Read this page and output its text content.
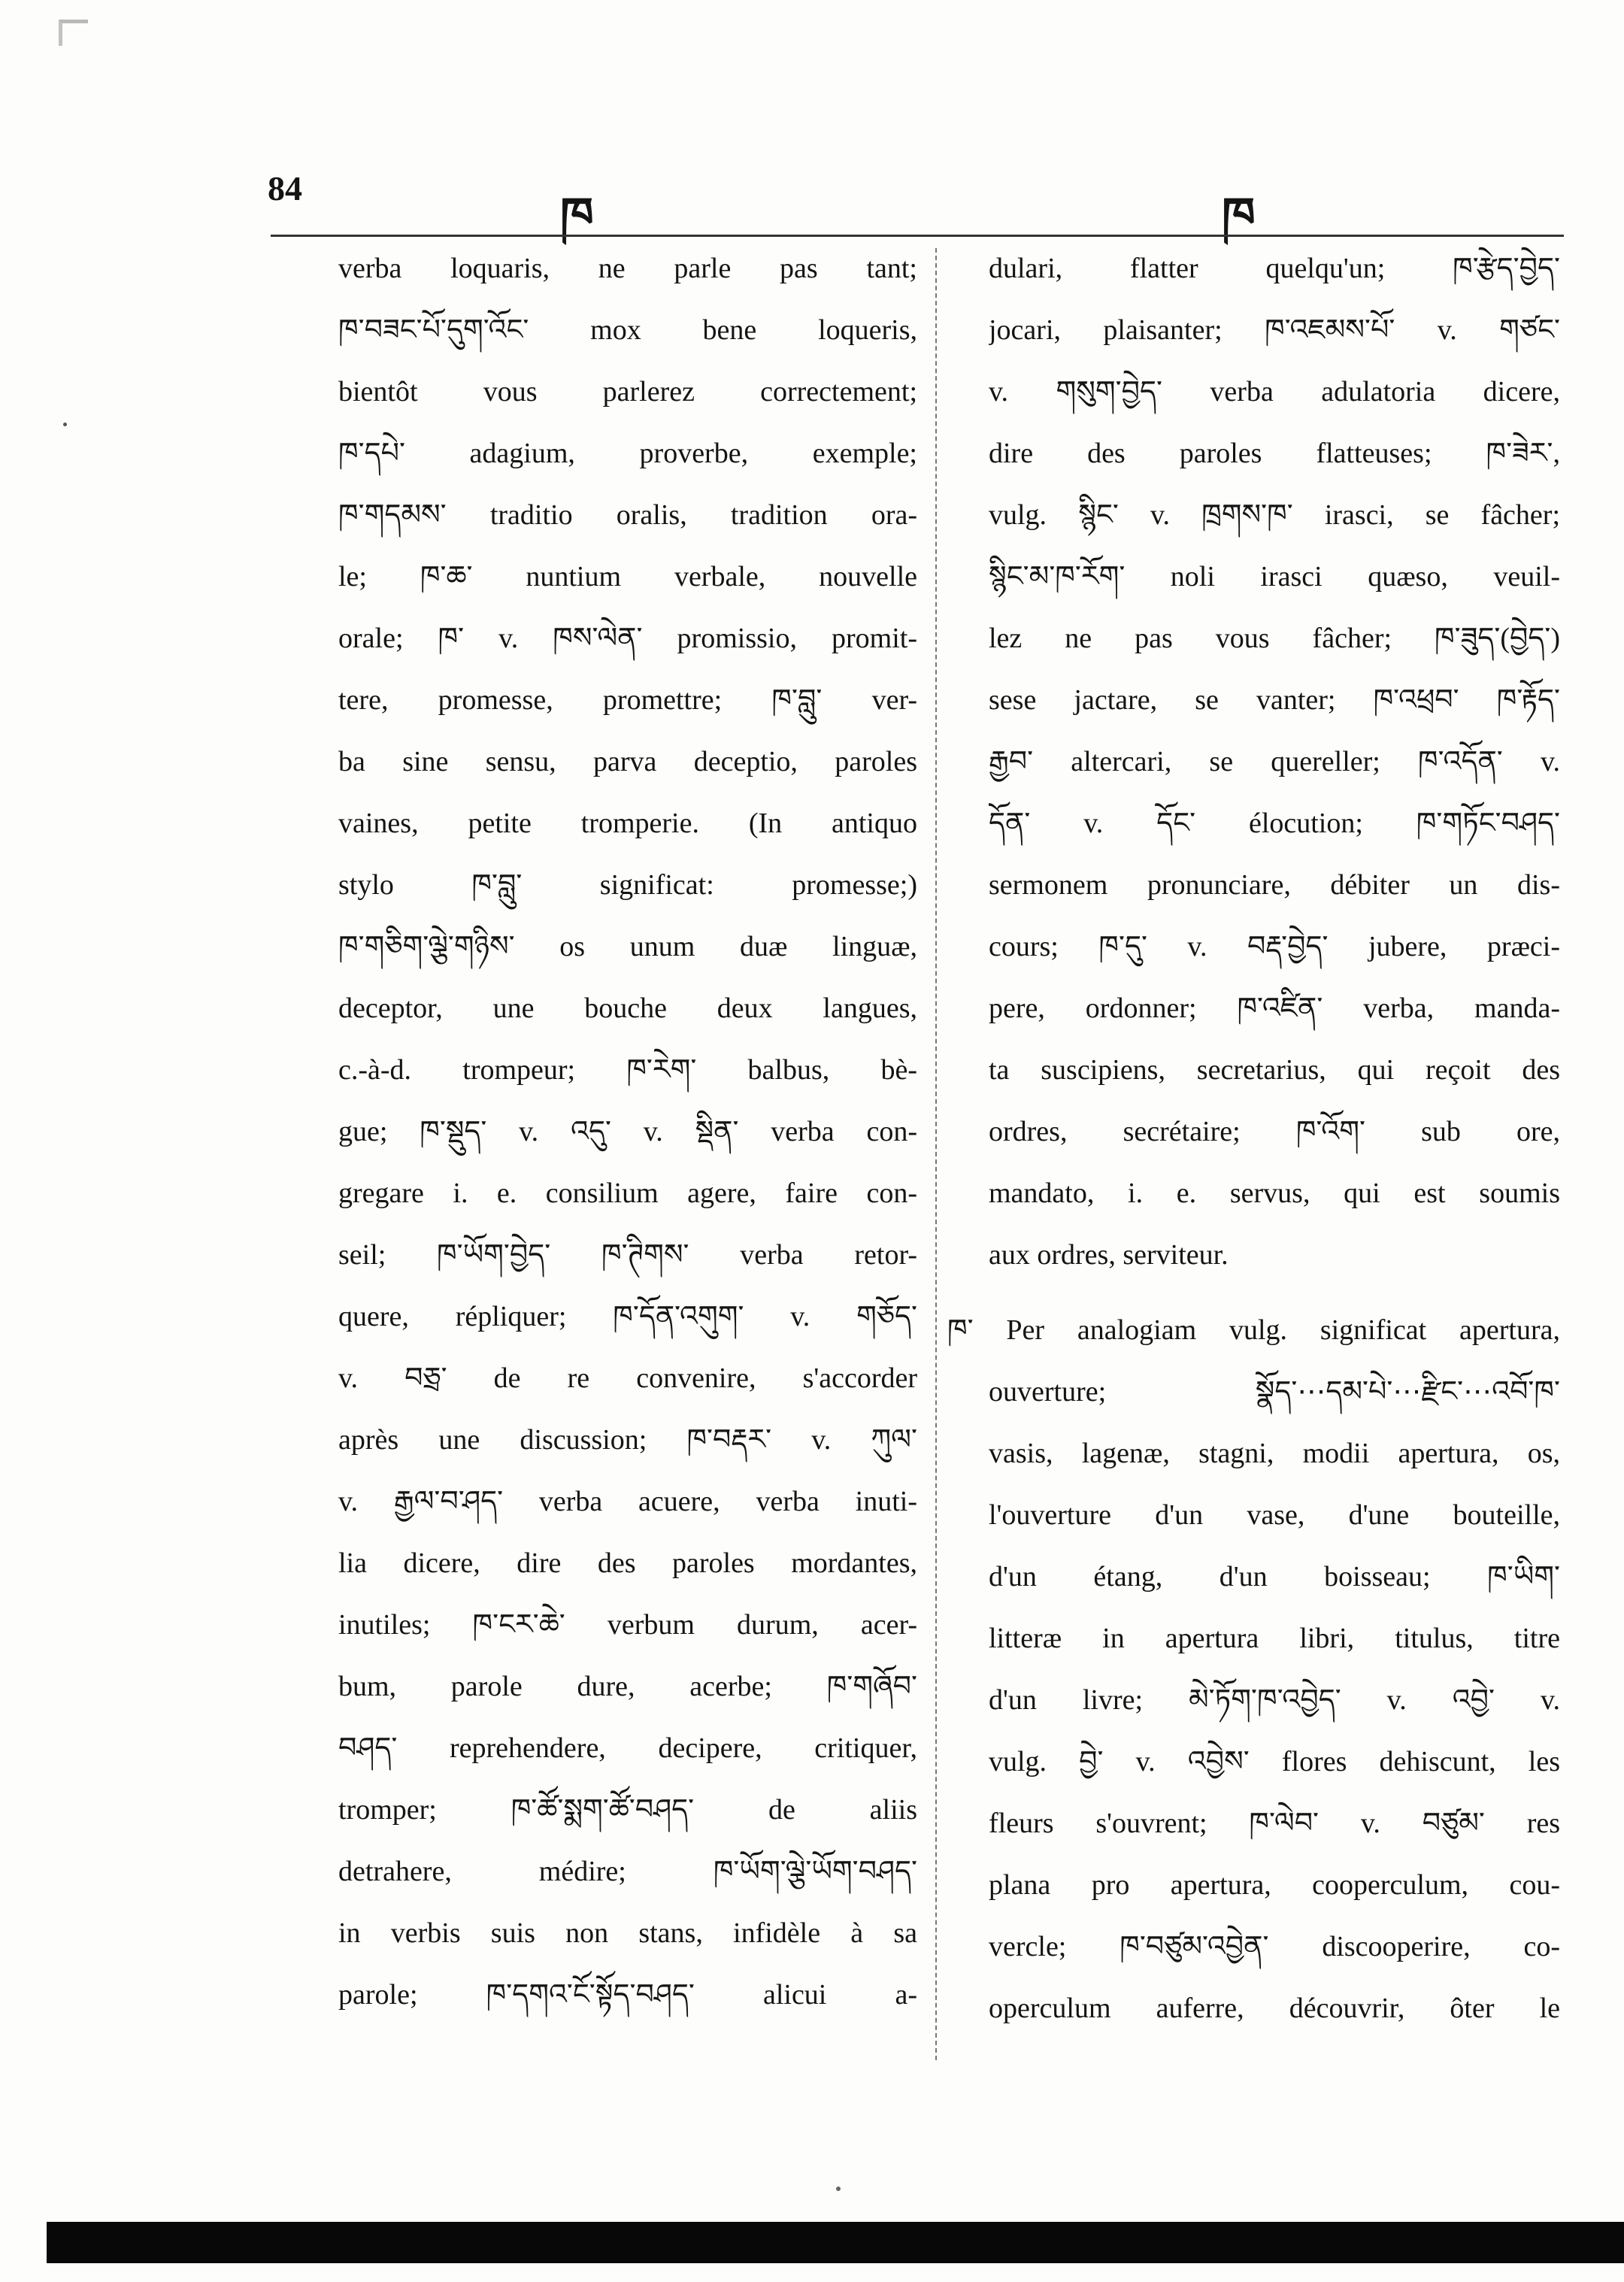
84
ཁ	ཁ
verba loquaris, ne parle pas tant;
ཁ་བཟང་པོ་དུག་འོང་ mox bene loqueris,
bientôt vous parlerez correctement;
ཁ་དཔེ་ adagium, proverbe, exemple;
ཁ་གདམས་ traditio oralis, tradition ora-
le; ཁ་ཆ་ nuntium verbale, nouvelle
orale; ཁ་ v. ཁས་ལེན་ promissio, promit-
tere, promesse, promettre; ཁ་བླུ་ ver-
ba sine sensu, parva deceptio, paroles
vaines, petite tromperie. (In antiquo
stylo ཁ་བླུ་ significat: promesse;)
ཁ་གཅིག་ལྕེ་གཉིས་ os unum duæ linguæ,
deceptor, une bouche deux langues,
c.-à-d. trompeur; ཁ་རེག་ balbus, bè-
gue; ཁ་སྡུད་ v. འདུ་ v. སྡིན་ verba con-
gregare i. e. consilium agere, faire con-
seil; ཁ་ཡོག་བྱེད་ ཁ་ཊིགས་ verba retor-
quere, répliquer; ཁ་དོན་འགུག་ v. གཅོད་
v. བཅྲ་ de re convenire, s'accorder
après une discussion; ཁ་བརྡར་ v. ཀུལ་
v. རྒྱལ་བ་ཤད་ verba acuere, verba inuti-
lia dicere, dire des paroles mordantes,
inutiles; ཁ་ངར་ཆེ་ verbum durum, acer-
bum, parole dure, acerbe; ཁ་གཞོབ་
བཤད་ reprehendere, decipere, critiquer,
tromper; ཁ་ཚོ་སྨག་ཚོ་བཤད་ de aliis
detrahere, médire; ཁ་ཡོག་ལྕེ་ཡོག་བཤད་
in verbis suis non stans, infidèle à sa
parole; ཁ་དགའ་ངོ་སྟོད་བཤད་ alicui a-
dulari, flatter quelqu'un; ཁ་རྩེད་བྱེད་
jocari, plaisanter; ཁ་འཇམས་པོ་ v. གཙང་
v. གསུག་བྱེད་ verba adulatoria dicere,
dire des paroles flatteuses; ཁ་ཟེར་,
vulg. སྙིང་ v. ཁྲགས་ཁ་ irasci, se fâcher;
སྙིང་མ་ཁ་རོག་ noli irasci quæso, veuil-
lez ne pas vous fâcher; ཁ་ཟུད་(བྱེད་)
sese jactare, se vanter; ཁ་འཕྲབ་ ཁ་རྟོད་
རྒྱབ་ altercari, se quereller; ཁ་འདོན་ v.
དོན་ v. དོང་ élocution; ཁ་གཏོང་བཤད་
sermonem pronunciare, débiter un dis-
cours; ཁ་དུ་ v. བརྡ་བྱེད་ jubere, præci-
pere, ordonner; ཁ་འཛིན་ verba, manda-
ta suscipiens, secretarius, qui reçoit des
ordres, secrétaire; ཁ་འོག་ sub ore,
mandato, i. e. servus, qui est soumis
aux ordres, serviteur.
ཁ་ Per analogiam vulg. significat apertura,
ouverture; སྣོད་⋯དམ་པེ་⋯རྫིང་⋯འབོ་ཁ་
vasis, lagenæ, stagni, modii apertura, os,
l'ouverture d'un vase, d'une bouteille,
d'un étang, d'un boisseau; ཁ་ཡིག་
litteræ in apertura libri, titulus, titre
d'un livre; མེ་ཏོག་ཁ་འབྱེད་ v. འབྱེ་ v.
vulg. བྱེ་ v. འབྱེས་ flores dehiscunt, les
fleurs s'ouvrent; ཁ་ལེབ་ v. བཙུམ་ res
plana pro apertura, cooperculum, cou-
vercle; ཁ་བཙུམ་འབྱེན་ discooperire, co-
operculum auferre, découvrir, ôter le
